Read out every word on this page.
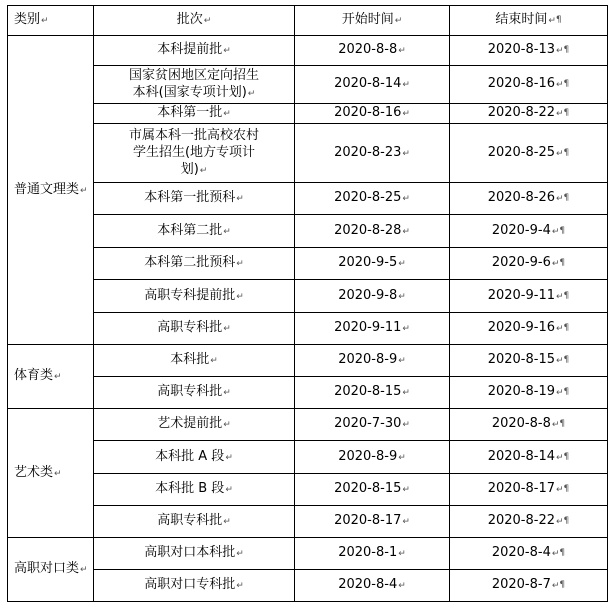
类别↵	批次↵	开始时间↵	结束时间↵¶
普通文理类↵	本科提前批↵	2020-8-8↵	2020-8-13↵¶
	国家贫困地区定向招生
本科(国家专项计划)↵	2020-8-14↵	2020-8-16↵¶
	本科第一批↵	2020-8-16↵	2020-8-22↵¶
	市属本科一批高校农村
学生招生(地方专项计
划)↵	2020-8-23↵	2020-8-25↵¶
	本科第一批预科↵	2020-8-25↵	2020-8-26↵¶
	本科第二批↵	2020-8-28↵	2020-9-4↵¶
	本科第二批预科↵	2020-9-5↵	2020-9-6↵¶
	高职专科提前批↵	2020-9-8↵	2020-9-11↵¶
	高职专科批↵	2020-9-11↵	2020-9-16↵¶
体育类↵	本科批↵	2020-8-9↵	2020-8-15↵¶
	高职专科批↵	2020-8-15↵	2020-8-19↵¶
艺术类↵	艺术提前批↵	2020-7-30↵	2020-8-8↵¶
	本科批 A 段↵	2020-8-9↵	2020-8-14↵¶
	本科批 B 段↵	2020-8-15↵	2020-8-17↵¶
	高职专科批↵	2020-8-17↵	2020-8-22↵¶
高职对口类↵	高职对口本科批↵	2020-8-1↵	2020-8-4↵¶
	高职对口专科批↵	2020-8-4↵	2020-8-7↵¶
